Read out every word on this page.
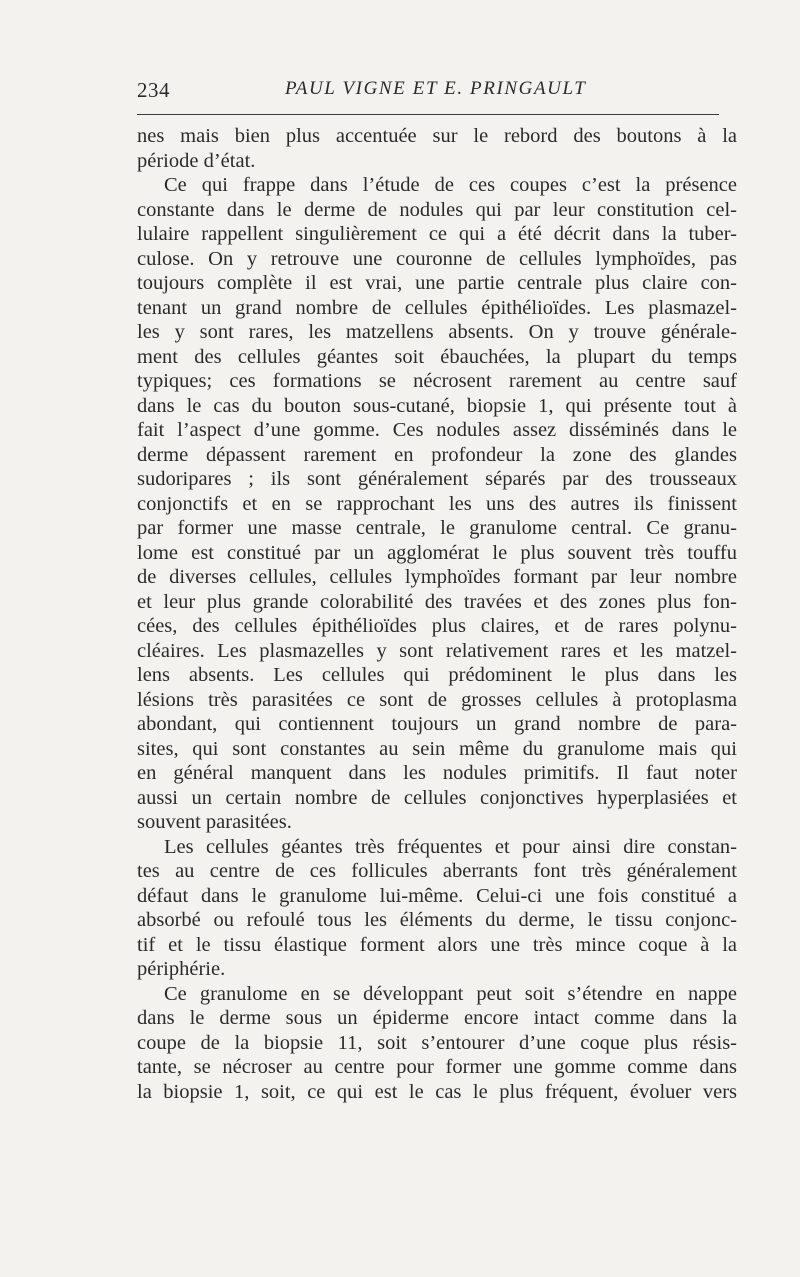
234	PAUL VIGNE ET E. PRINGAULT
nes mais bien plus accentuée sur le rebord des boutons à la
période d’état.
Ce qui frappe dans l’étude de ces coupes c’est la présence
constante dans le derme de nodules qui par leur constitution cel-
lulaire rappellent singulièrement ce qui a été décrit dans la tuber-
culose. On y retrouve une couronne de cellules lymphoïdes, pas
toujours complète il est vrai, une partie centrale plus claire con-
tenant un grand nombre de cellules épithélioïdes. Les plasmazel-
les y sont rares, les matzellens absents. On y trouve générale-
ment des cellules géantes soit ébauchées, la plupart du temps
typiques; ces formations se nécrosent rarement au centre sauf
dans le cas du bouton sous-cutané, biopsie 1, qui présente tout à
fait l’aspect d’une gomme. Ces nodules assez disséminés dans le
derme dépassent rarement en profondeur la zone des glandes
sudoripares ; ils sont généralement séparés par des trousseaux
conjonctifs et en se rapprochant les uns des autres ils finissent
par former une masse centrale, le granulome central. Ce granu-
lome est constitué par un agglomérat le plus souvent très touffu
de diverses cellules, cellules lymphoïdes formant par leur nombre
et leur plus grande colorabilité des travées et des zones plus fon-
cées, des cellules épithélioïdes plus claires, et de rares polynu-
cléaires. Les plasmazelles y sont relativement rares et les matzel-
lens absents. Les cellules qui prédominent le plus dans les
lésions très parasitées ce sont de grosses cellules à protoplasma
abondant, qui contiennent toujours un grand nombre de para-
sites, qui sont constantes au sein même du granulome mais qui
en général manquent dans les nodules primitifs. Il faut noter
aussi un certain nombre de cellules conjonctives hyperplasiées et
souvent parasitées.
Les cellules géantes très fréquentes et pour ainsi dire constan-
tes au centre de ces follicules aberrants font très généralement
défaut dans le granulome lui-même. Celui-ci une fois constitué a
absorbé ou refoulé tous les éléments du derme, le tissu conjonc-
tif et le tissu élastique forment alors une très mince coque à la
périphérie.
Ce granulome en se développant peut soit s’étendre en nappe
dans le derme sous un épiderme encore intact comme dans la
coupe de la biopsie 11, soit s’entourer d’une coque plus résis-
tante, se nécroser au centre pour former une gomme comme dans
la biopsie 1, soit, ce qui est le cas le plus fréquent, évoluer vers
